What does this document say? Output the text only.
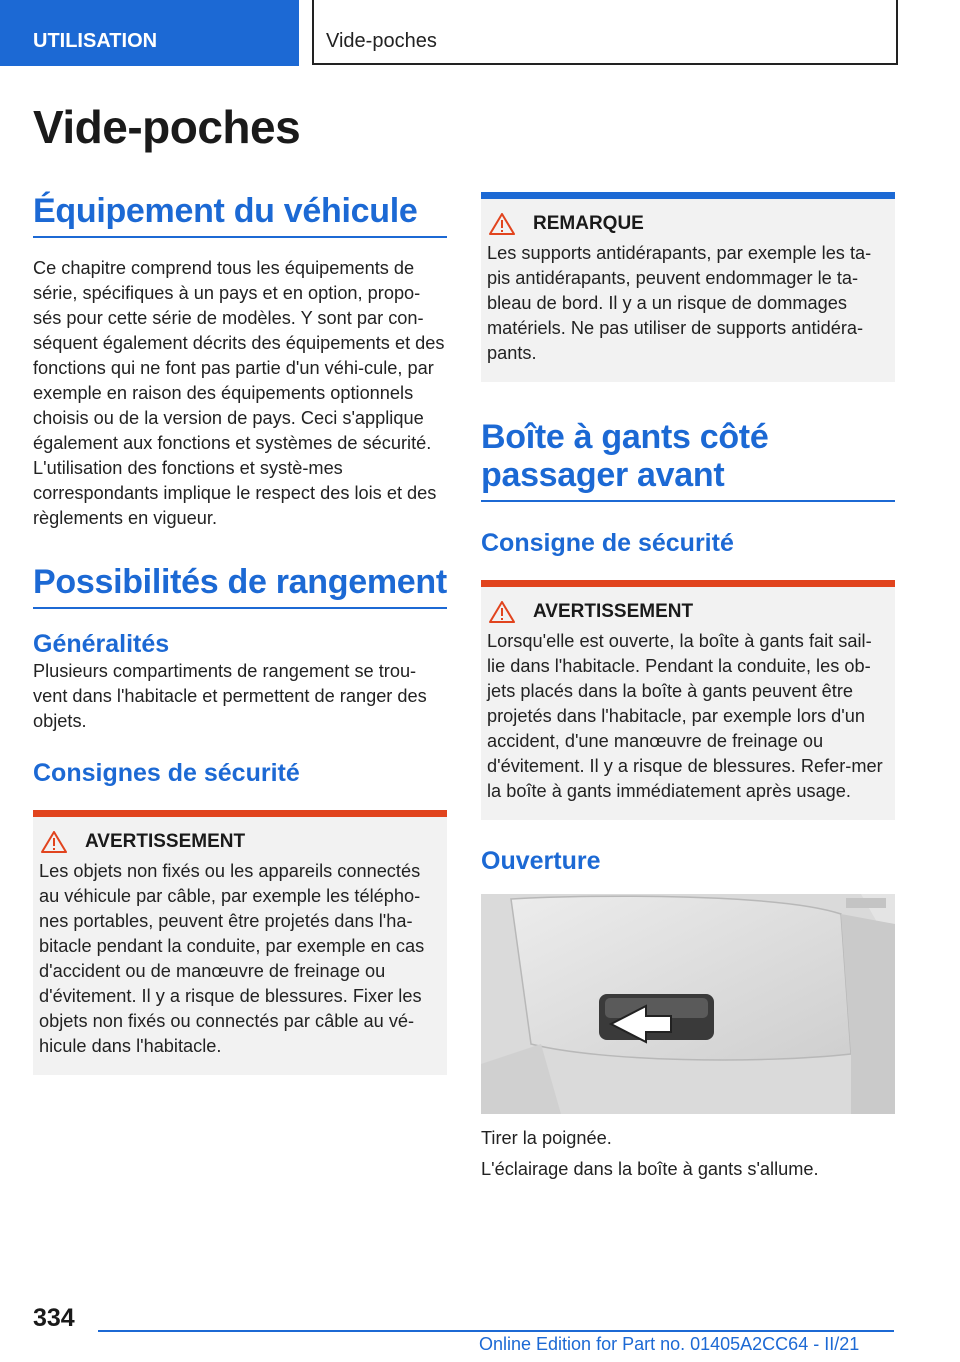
UTILISATION	Vide-poches
Vide-poches
Équipement du véhicule

Ce chapitre comprend tous les équipements de série, spécifiques à un pays et en option, propo-sés pour cette série de modèles. Y sont par con-séquent également décrits des équipements et des fonctions qui ne font pas partie d'un véhi-cule, par exemple en raison des équipements optionnels choisis ou de la version de pays. Ceci s'applique également aux fonctions et systèmes de sécurité. L'utilisation des fonctions et systè-mes correspondants implique le respect des lois et des règlements en vigueur.

Possibilités de rangement
Généralités

Plusieurs compartiments de rangement se trou-vent dans l'habitacle et permettent de ranger des objets.

Consignes de sécurité
AVERTISSEMENT

Les objets non fixés ou les appareils connectés au véhicule par câble, par exemple les télépho-nes portables, peuvent être projetés dans l'ha-bitacle pendant la conduite, par exemple en cas d'accident ou de manœuvre de freinage ou d'évitement. Il y a risque de blessures. Fixer les objets non fixés ou connectés par câble au vé-hicule dans l'habitacle.

REMARQUE

Les supports antidérapants, par exemple les ta-pis antidérapants, peuvent endommager le ta-bleau de bord. Il y a un risque de dommages matériels. Ne pas utiliser de supports antidéra-pants.

Boîte à gants côté passager avant
Consigne de sécurité
AVERTISSEMENT

Lorsqu'elle est ouverte, la boîte à gants fait sail-lie dans l'habitacle. Pendant la conduite, les ob-jets placés dans la boîte à gants peuvent être projetés dans l'habitacle, par exemple lors d'un accident, d'une manœuvre de freinage ou d'évitement. Il y a risque de blessures. Refer-mer la boîte à gants immédiatement après usage.

Ouverture

Tirer la poignée.

L'éclairage dans la boîte à gants s'allume.

334
Online Edition for Part no. 01405A2CC64 - II/21
